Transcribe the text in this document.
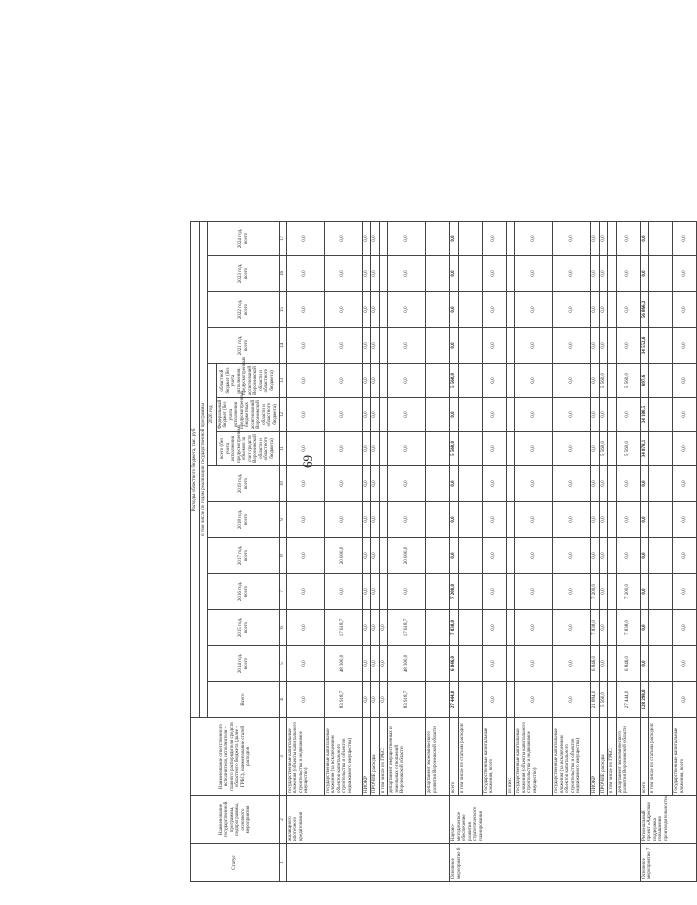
69
Статус	Наименование государственной программы, подпрограммы, основного мероприятия	Наименование ответственного исполнителя, исполнителя - главного распорядителя средств областного бюджета (далее - ГРБС), наименование статей расходов	Расходы областного бюджета, тыс. руб.													
			в том числе по годам реализации государственной программы													
			Всего	2014 год, всего	2015 год, всего	2016 год, всего	2017 год, всего	2018 год, всего	2019 год, всего	2020 год			2021 год, всего	2022 год, всего	2023 год, всего	2024 год, всего
										всего (без учета исполнения предусмотренных объемов за счет средств Воронежской области и областного бюджета)	Федеральный бюджет (без учета исполнения предусмотренных бюджетных ассигнований Воронежской области и областного бюджета)	областной бюджет (без учета исполнения, предусмотренных ассигнований Воронежской области и областного бюджета)				
1	2	3	4	5	6	7	8	9	10	11	12	13	14	15	16	17
	жилищного ипотечного кредитования	государственные капитальные вложения (объекты капитального строительства и недвижимое имущество)	0,0	0,0	0,0	0,0	0,0	0,0	0,0	0,0	0,0	0,0	0,0	0,0	0,0	0,0
		государственные капитальные вложения (за исключением объектов капитального строительства и объектов недвижимого имущества)	83 918,7	48 300,0	17 618,7	0,0	20 000,0	0,0	0,0	0,0	0,0	0,0	0,0	0,0	0,0	0,0
		НИОКР	0,0	0,0	0,0	0,0	0,0	0,0	0,0	0,0	0,0	0,0	0,0	0,0	0,0	0,0
		ПРОЧИЕ расходы	0,0	0,0	0,0	0,0	0,0	0,0	0,0	0,0	0,0	0,0	0,0	0,0	0,0	0,0
		в том числе по ГРБС:	0,0	0,0	0,0											
		департамент имущественных и земельных отношений Воронежской области	83 918,7	48 300,0	17 618,7	0,0	20 000,0	0,0	0,0	0,0	0,0	0,0	0,0	0,0	0,0	0,0
		департамент экономического развития Воронежской области														
Основное мероприятие 6	Научно-методическое обеспечение развития стратегического планирования	всего	27 444,0	6 846,0	7 838,0	7 200,0	0,0	0,0	0,0	5 560,0	0,0	5 560,0	0,0	0,0	0,0	0,0
		в том числе по статьям расходов:														
		Государственные капитальные вложения, всего	0,0	0,0	0,0	0,0	0,0	0,0	0,0	0,0	0,0	0,0	0,0	0,0	0,0	0,0
		из них:														
		государственные капитальные вложения (объекты капитального строительства и недвижимое имущество)	0,0	0,0	0,0	0,0	0,0	0,0	0,0	0,0	0,0	0,0	0,0	0,0	0,0	0,0
		государственные капитальные вложения (за исключением объектов капитального строительства и объектов недвижимого имущества)	0,0	0,0	0,0	0,0	0,0	0,0	0,0	0,0	0,0	0,0	0,0	0,0	0,0	0,0
		НИОКР	21 884,0	6 846,0	7 838,0	7 200,0	0,0	0,0	0,0	0,0	0,0	0,0	0,0	0,0	0,0	0,0
		ПРОЧИЕ расходы	5 560,0	0,0	0,0	0,0	0,0	0,0	0,0	5 560,0	0,0	5 560,0	0,0	0,0	0,0	0,0
		в том числе по ГРБС:														
		департамент экономического развития Воронежской области	27 444,0	6 846,0	7 838,0	7 200,0	0,0	0,0	0,0	5 560,0	0,0	5 560,0	0,0	0,0	0,0	0,0
Основное мероприятие 7	Региональный проект «Адресная поддержка повышения производительности»	всего	128 298,8	0,0	0,0	0,0	0,0	0,0	0,0	34 878,1	34 180,5	697,6	34 552,6	56 866,2	0,0	0,0
		в том числе по статьям расходов:														
		Государственные капитальные вложения, всего	0,0	0,0	0,0	0,0	0,0	0,0	0,0	0,0	0,0	0,0	0,0	0,0	0,0	0,0
